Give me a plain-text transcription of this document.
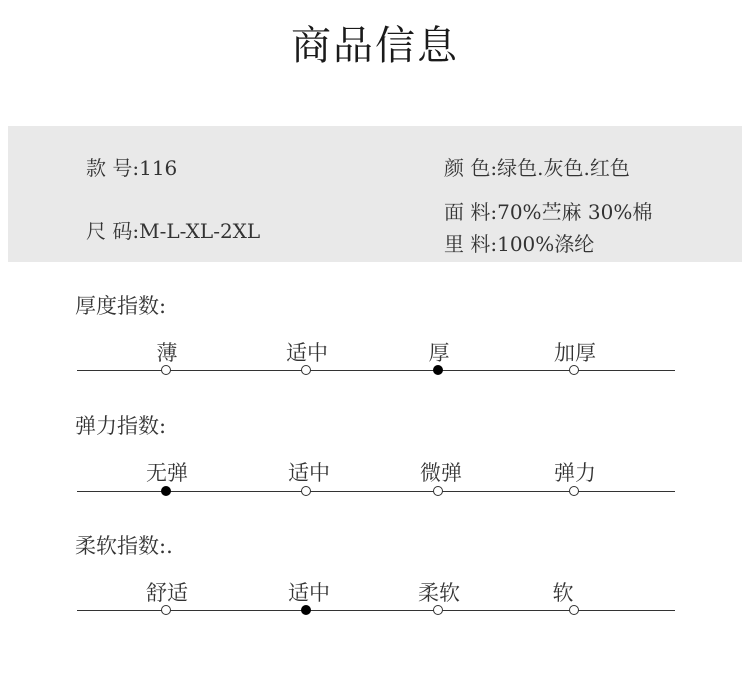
商品信息
款 号:116
尺 码:M-L-XL-2XL
颜 色:绿色.灰色.红色
面 料:70%苎麻 30%棉
里 料:100%涤纶
厚度指数:
薄	适中	厚	加厚
弹力指数:
无弹	适中	微弹	弹力
柔软指数:.
舒适	适中	柔软	软
